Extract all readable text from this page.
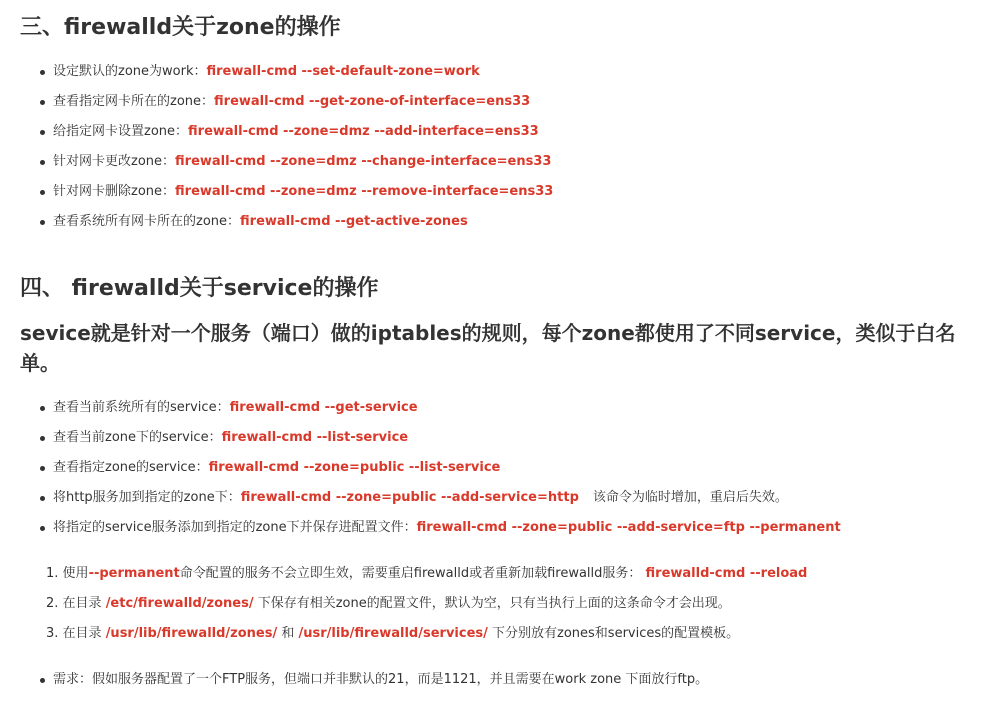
三、firewalld关于zone的操作
设定默认的zone为work：firewall-cmd --set-default-zone=work
查看指定网卡所在的zone：firewall-cmd --get-zone-of-interface=ens33
给指定网卡设置zone：firewall-cmd --zone=dmz --add-interface=ens33
针对网卡更改zone：firewall-cmd --zone=dmz --change-interface=ens33
针对网卡删除zone：firewall-cmd --zone=dmz --remove-interface=ens33
查看系统所有网卡所在的zone：firewall-cmd --get-active-zones
四、 firewalld关于service的操作
sevice就是针对一个服务（端口）做的iptables的规则，每个zone都使用了不同service，类似于白名单。
查看当前系统所有的service：firewall-cmd --get-service
查看当前zone下的service：firewall-cmd --list-service
查看指定zone的service：firewall-cmd --zone=public --list-service
将http服务加到指定的zone下：firewall-cmd --zone=public --add-service=http 该命令为临时增加，重启后失效。
将指定的service服务添加到指定的zone下并保存进配置文件：firewall-cmd --zone=public --add-service=ftp --permanent
1. 使用--permanent命令配置的服务不会立即生效，需要重启firewalld或者重新加载firewalld服务： firewalld-cmd --reload
2. 在目录 /etc/firewalld/zones/ 下保存有相关zone的配置文件，默认为空，只有当执行上面的这条命令才会出现。
3. 在目录 /usr/lib/firewalld/zones/ 和 /usr/lib/firewalld/services/ 下分别放有zones和services的配置模板。
需求：假如服务器配置了一个FTP服务，但端口并非默认的21，而是1121，并且需要在work zone 下面放行ftp。
